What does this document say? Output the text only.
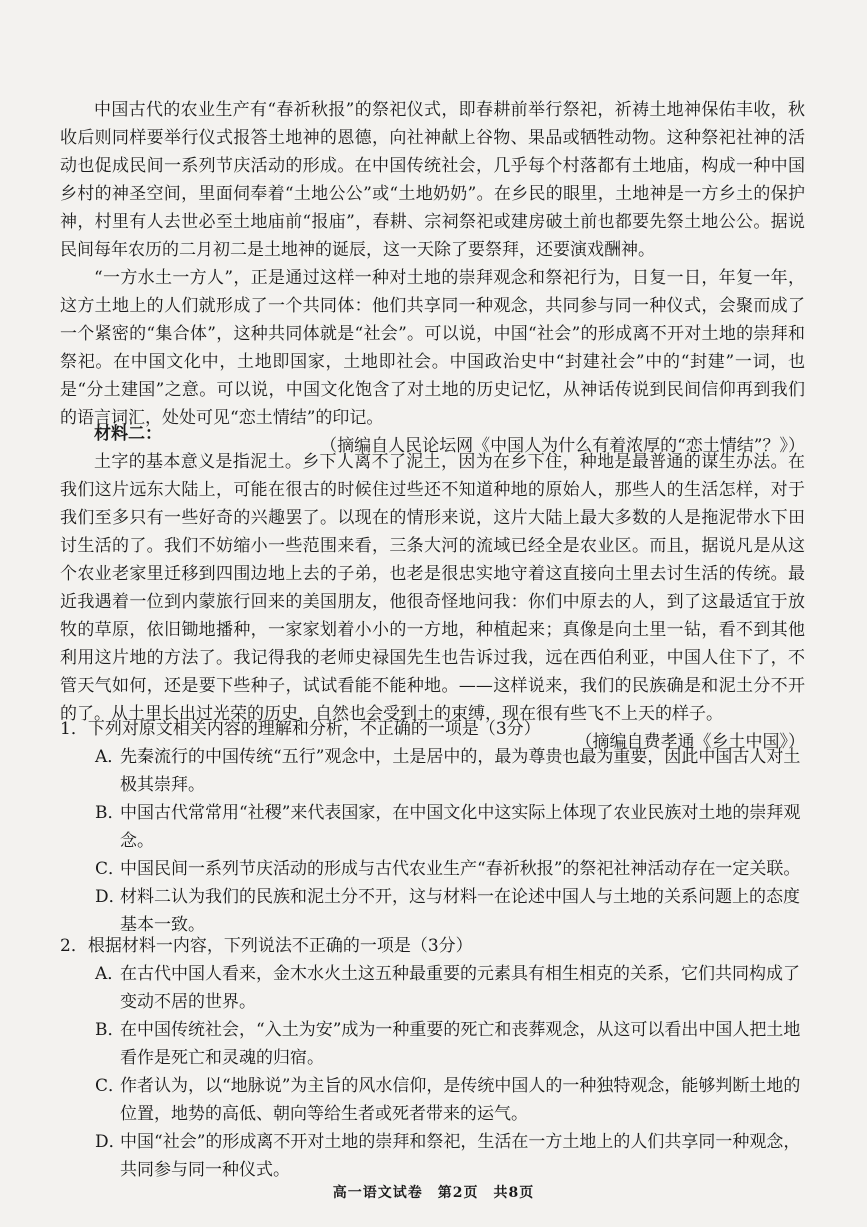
中国古代的农业生产有“春祈秋报”的祭祀仪式，即春耕前举行祭祀，祈祷土地神保佑丰收，秋收后则同样要举行仪式报答土地神的恩德，向社神献上谷物、果品或牺牲动物。这种祭祀社神的活动也促成民间一系列节庆活动的形成。在中国传统社会，几乎每个村落都有土地庙，构成一种中国乡村的神圣空间，里面伺奉着“土地公公”或“土地奶奶”。在乡民的眼里，土地神是一方乡土的保护神，村里有人去世必至土地庙前“报庙”，春耕、宗祠祭祀或建房破土前也都要先祭土地公公。据说民间每年农历的二月初二是土地神的诞辰，这一天除了要祭拜，还要演戏酬神。

“一方水土一方人”，正是通过这样一种对土地的崇拜观念和祭祀行为，日复一日，年复一年，这方土地上的人们就形成了一个共同体：他们共享同一种观念，共同参与同一种仪式，会聚而成了一个紧密的“集合体”，这种共同体就是“社会”。可以说，中国“社会”的形成离不开对土地的崇拜和祭祀。在中国文化中，土地即国家，土地即社会。中国政治史中“封建社会”中的“封建”一词，也是“分土建国”之意。可以说，中国文化饱含了对土地的历史记忆，从神话传说到民间信仰再到我们的语言词汇，处处可见“恋土情结”的印记。

（摘编自人民论坛网《中国人为什么有着浓厚的“恋土情结”？》）

材料二：

土字的基本意义是指泥土。乡下人离不了泥土，因为在乡下住，种地是最普通的谋生办法。在我们这片远东大陆上，可能在很古的时候住过些还不知道种地的原始人，那些人的生活怎样，对于我们至多只有一些好奇的兴趣罢了。以现在的情形来说，这片大陆上最大多数的人是拖泥带水下田讨生活的了。我们不妨缩小一些范围来看，三条大河的流域已经全是农业区。而且，据说凡是从这个农业老家里迁移到四围边地上去的子弟，也老是很忠实地守着这直接向土里去讨生活的传统。最近我遇着一位到内蒙旅行回来的美国朋友，他很奇怪地问我：你们中原去的人，到了这最适宜于放牧的草原，依旧锄地播种，一家家划着小小的一方地，种植起来；真像是向土里一钻，看不到其他利用这片地的方法了。我记得我的老师史禄国先生也告诉过我，远在西伯利亚，中国人住下了，不管天气如何，还是要下些种子，试试看能不能种地。——这样说来，我们的民族确是和泥土分不开的了。从土里长出过光荣的历史，自然也会受到土的束缚，现在很有些飞不上天的样子。

（摘编自费孝通《乡土中国》）

1．下列对原文相关内容的理解和分析，不正确的一项是（3分）

A．先秦流行的中国传统“五行”观念中，土是居中的，最为尊贵也最为重要，因此中国古人对土极其崇拜。

B．中国古代常常用“社稷”来代表国家，在中国文化中这实际上体现了农业民族对土地的崇拜观念。

C．中国民间一系列节庆活动的形成与古代农业生产“春祈秋报”的祭祀社神活动存在一定关联。

D．材料二认为我们的民族和泥土分不开，这与材料一在论述中国人与土地的关系问题上的态度基本一致。

2．根据材料一内容，下列说法不正确的一项是（3分）

A．在古代中国人看来，金木水火土这五种最重要的元素具有相生相克的关系，它们共同构成了变动不居的世界。

B．在中国传统社会，“入土为安”成为一种重要的死亡和丧葬观念，从这可以看出中国人把土地看作是死亡和灵魂的归宿。

C．作者认为，以“地脉说”为主旨的风水信仰，是传统中国人的一种独特观念，能够判断土地的位置，地势的高低、朝向等给生者或死者带来的运气。

D．中国“社会”的形成离不开对土地的崇拜和祭祀，生活在一方土地上的人们共享同一种观念，共同参与同一种仪式。

高一语文试卷　第2页　共8页
